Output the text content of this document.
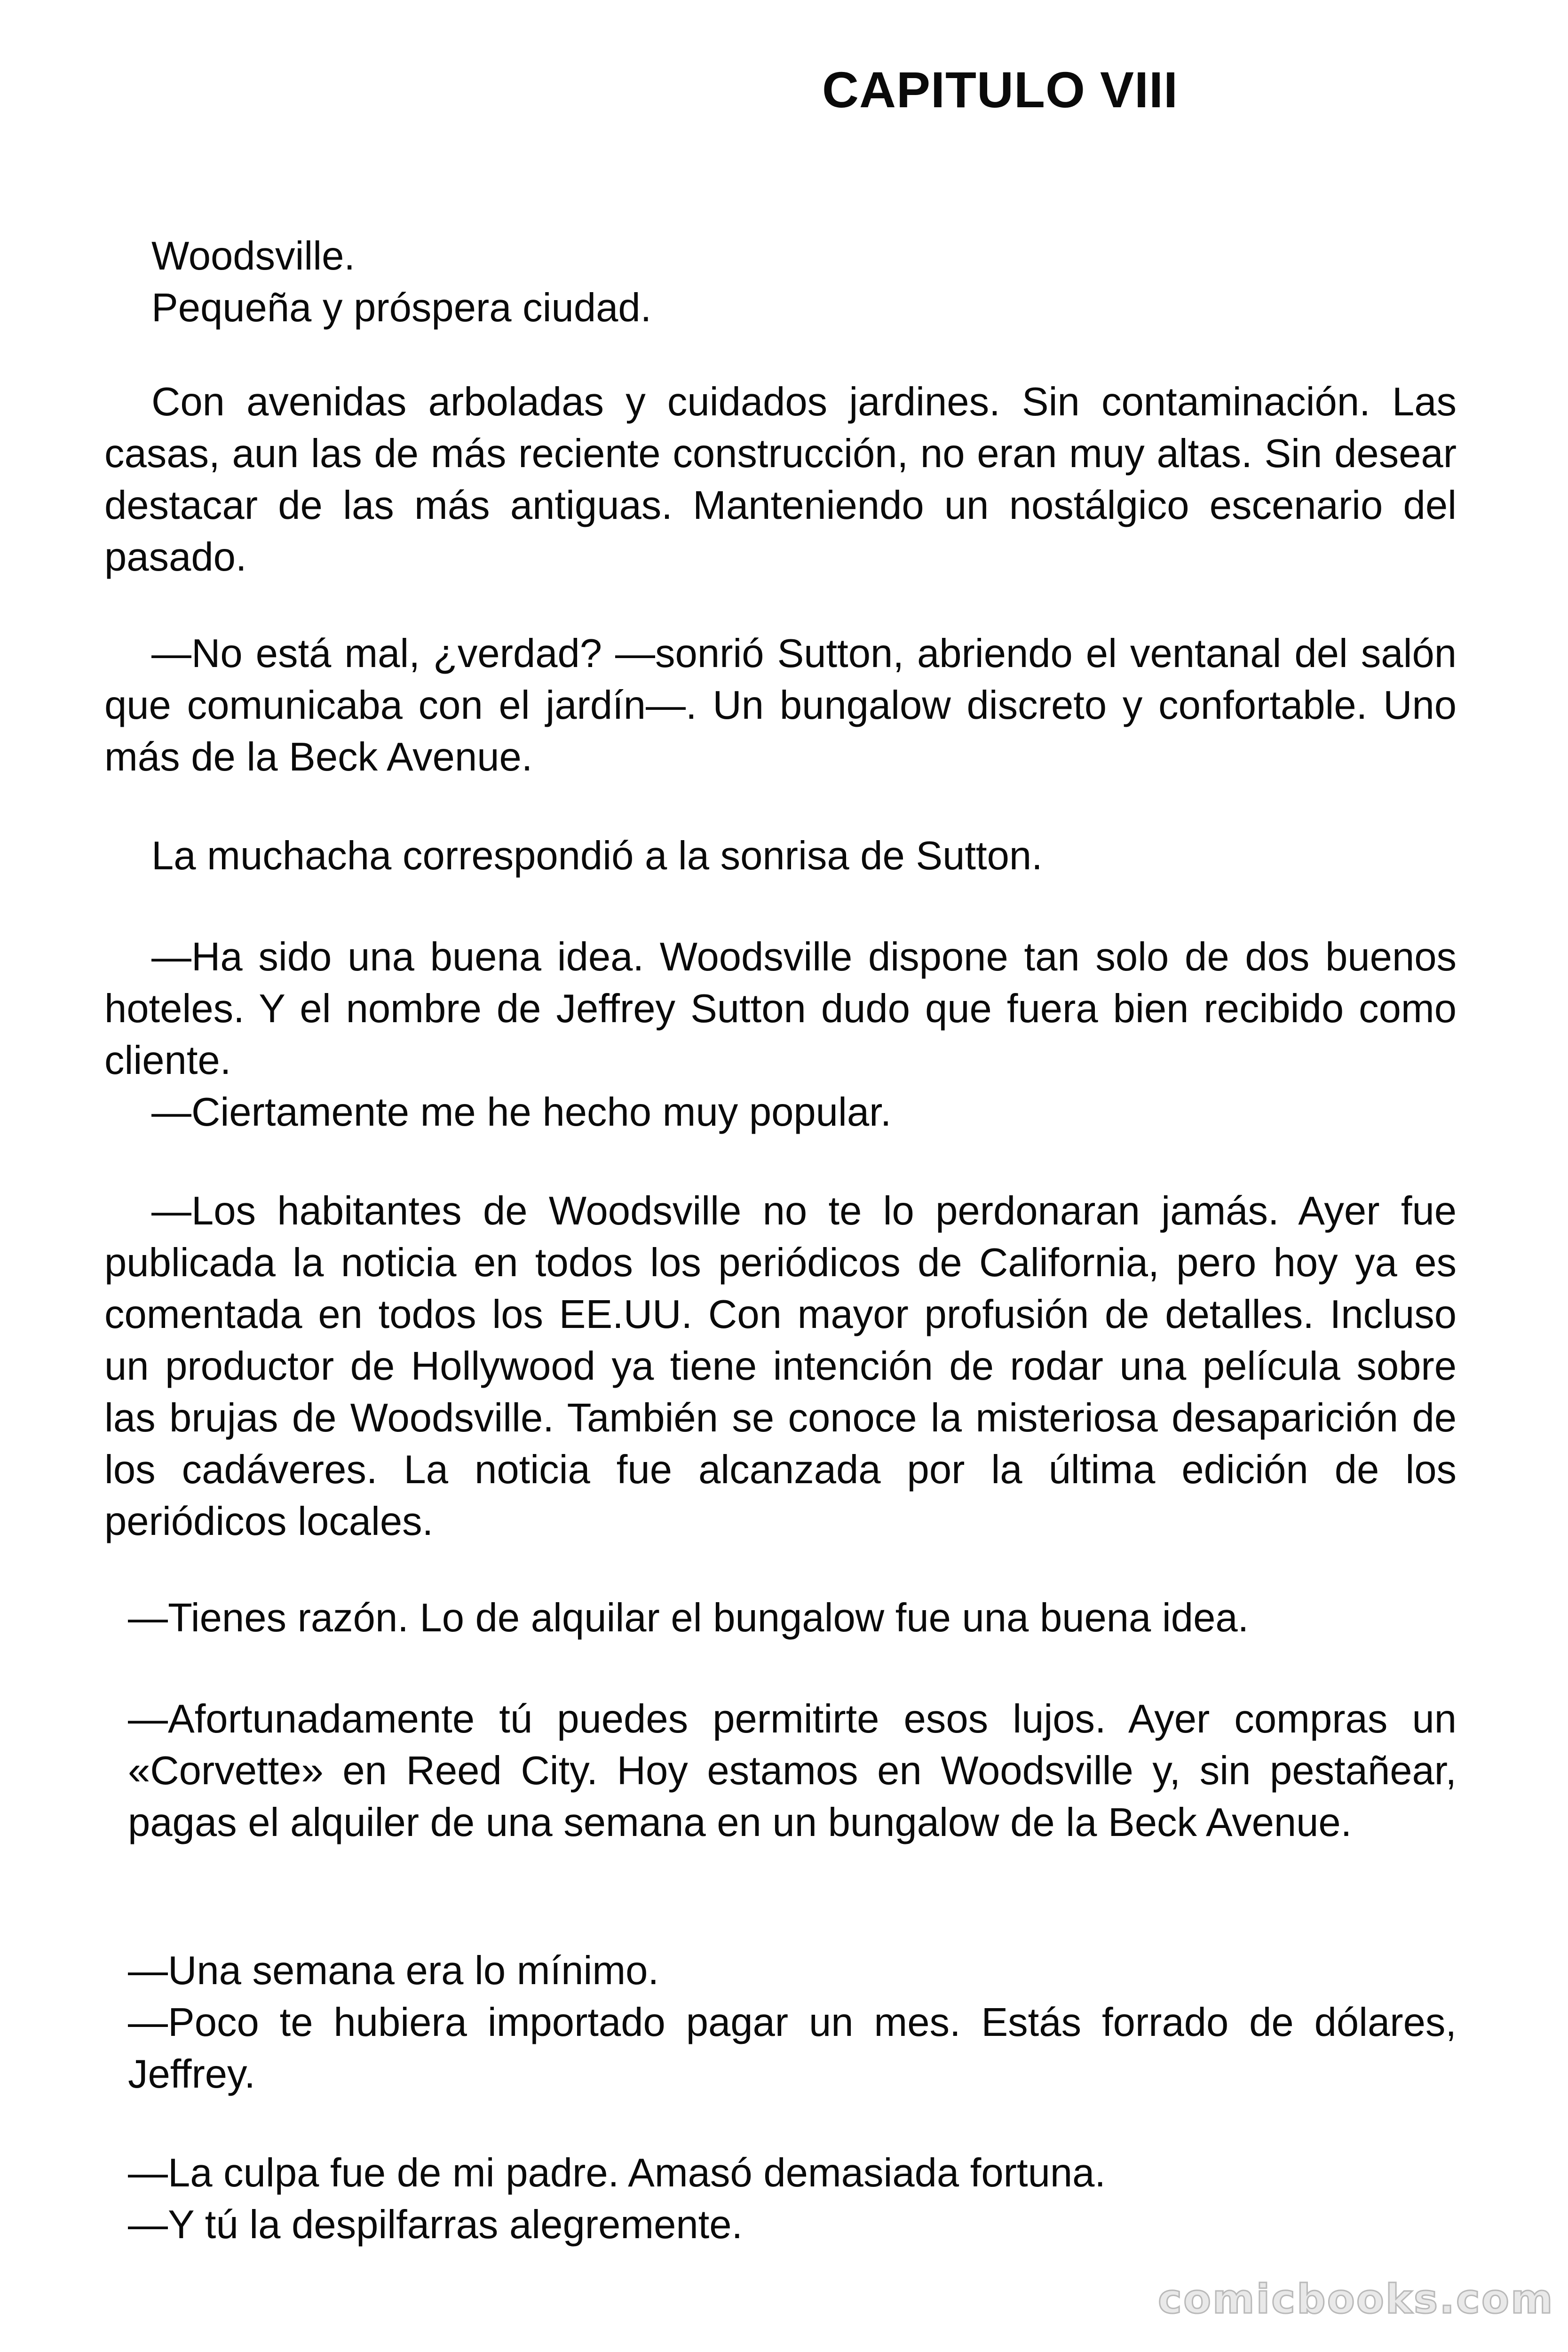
CAPITULO VIII

Woodsville.

Pequeña y próspera ciudad.

Con avenidas arboladas y cuidados jardines. Sin contaminación. Las casas, aun las de más reciente construcción, no eran muy altas. Sin desear destacar de las más antiguas. Manteniendo un nostálgico escenario del pasado.

—No está mal, ¿verdad? —sonrió Sutton, abriendo el ventanal del salón que comunicaba con el jardín—. Un bungalow discreto y confortable. Uno más de la Beck Avenue.

La muchacha correspondió a la sonrisa de Sutton.

—Ha sido una buena idea. Woodsville dispone tan solo de dos buenos hoteles. Y el nombre de Jeffrey Sutton dudo que fuera bien recibido como cliente.

—Ciertamente me he hecho muy popular.

—Los habitantes de Woodsville no te lo perdonaran jamás. Ayer fue publicada la noticia en todos los periódicos de California, pero hoy ya es comentada en todos los EE.UU. Con mayor profusión de detalles. Incluso un productor de Hollywood ya tiene intención de rodar una película sobre las brujas de Woodsville. También se conoce la misteriosa desaparición de los cadáveres. La noticia fue alcanzada por la última edición de los periódicos locales.

—Tienes razón. Lo de alquilar el bungalow fue una buena idea.

—Afortunadamente tú puedes permitirte esos lujos. Ayer compras un «Corvette» en Reed City. Hoy estamos en Woodsville y, sin pestañear, pagas el alquiler de una semana en un bungalow de la Beck Avenue.

—Una semana era lo mínimo.

—Poco te hubiera importado pagar un mes. Estás forrado de dólares, Jeffrey.

—La culpa fue de mi padre. Amasó demasiada fortuna.

—Y tú la despilfarras alegremente.

comicbooks.com
